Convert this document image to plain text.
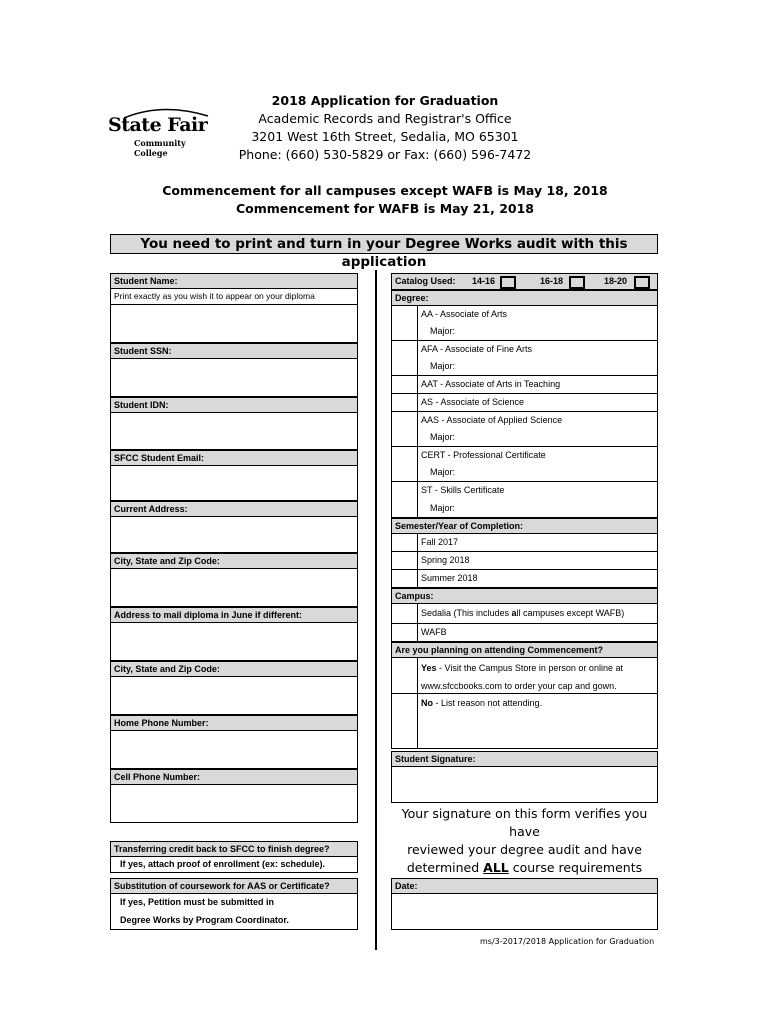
State Fair
Community College
2018 Application for Graduation
Academic Records and Registrar's Office
3201 West 16th Street, Sedalia, MO 65301
Phone: (660) 530-5829 or Fax: (660) 596-7472
Commencement for all campuses except WAFB is May 18, 2018
Commencement for WAFB is May 21, 2018
You need to print and turn in your Degree Works audit with this application
Student Name:
Print exactly as you wish it to appear on your diploma
Student SSN:
Student IDN:
SFCC Student Email:
Current Address:
City, State and Zip Code:
Address to mail diploma in June if different:
City, State and Zip Code:
Home Phone Number:
Cell Phone Number:
Transferring credit back to SFCC to finish degree?
If yes, attach proof of enrollment (ex: schedule).
Substitution of coursework for AAS or Certificate?
If yes, Petition must be submitted in
Degree Works by Program Coordinator.
Catalog Used: 14-16	16-18	18-20
Degree:
AA - Associate of Arts
Major:
AFA - Associate of Fine Arts
Major:
AAT - Associate of Arts in Teaching
AS - Associate of Science
AAS - Associate of Applied Science
Major:
CERT - Professional Certificate
Major:
ST - Skills Certificate
Major:
Semester/Year of Completion:
Fall 2017
Spring 2018
Summer 2018
Campus:
Sedalia (This includes all campuses except WAFB)
WAFB
Are you planning on attending Commencement?
Yes - Visit the Campus Store in person or online at
www.sfccbooks.com to order your cap and gown.
No - List reason not attending.
Student Signature:
Your signature on this form verifies you have
reviewed your degree audit and have
determined ALL course requirements
Date:
ms/3-2017/2018 Application for Graduation
